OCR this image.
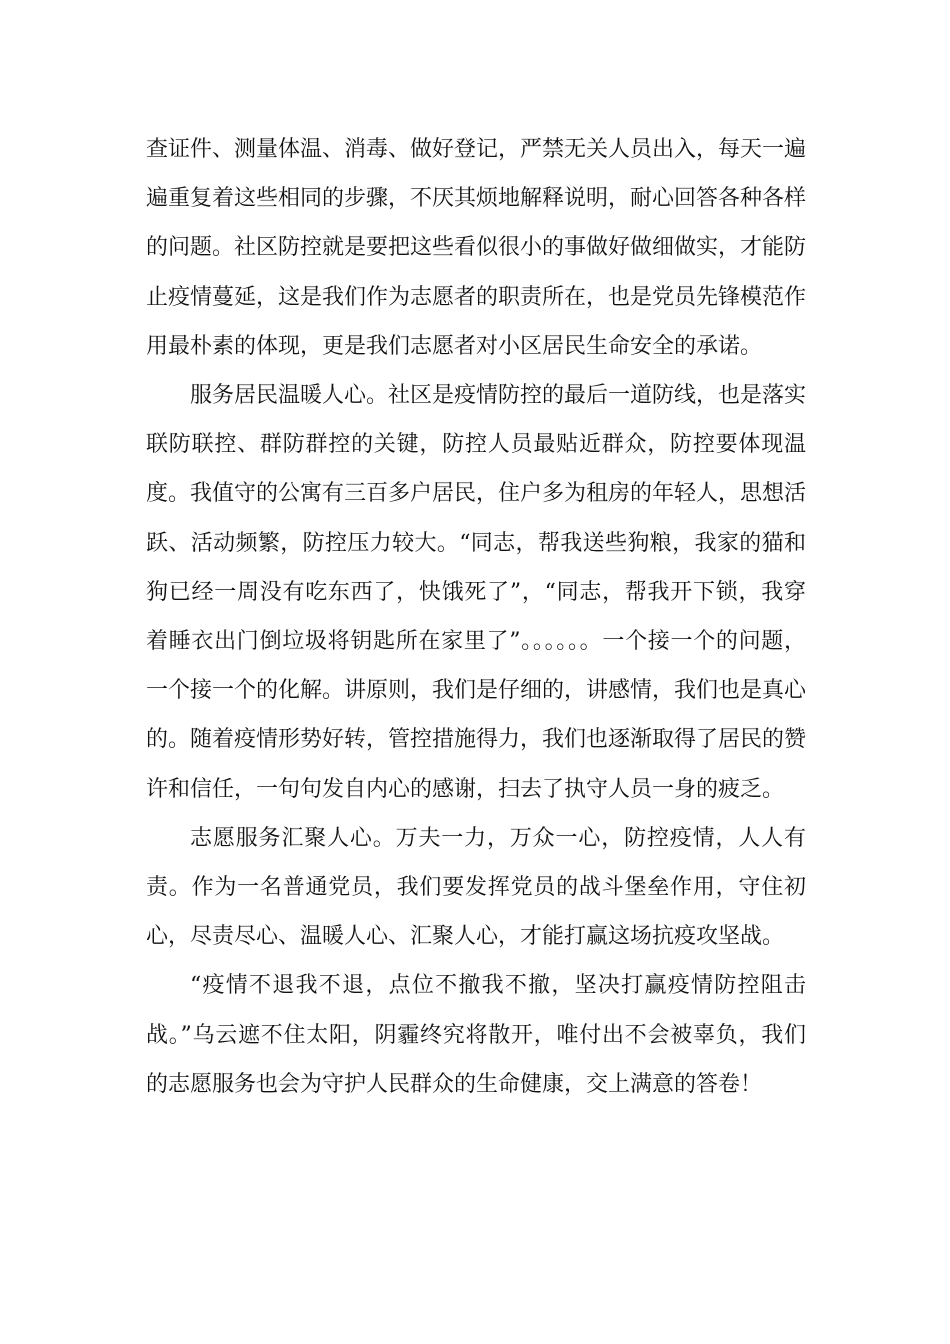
查证件、测量体温、消毒、做好登记，严禁无关人员出入，每天一遍遍重复着这些相同的步骤，不厌其烦地解释说明，耐心回答各种各样的问题。社区防控就是要把这些看似很小的事做好做细做实，才能防止疫情蔓延，这是我们作为志愿者的职责所在，也是党员先锋模范作用最朴素的体现，更是我们志愿者对小区居民生命安全的承诺。

服务居民温暖人心。社区是疫情防控的最后一道防线，也是落实联防联控、群防群控的关键，防控人员最贴近群众，防控要体现温度。我值守的公寓有三百多户居民，住户多为租房的年轻人，思想活跃、活动频繁，防控压力较大。“同志，帮我送些狗粮，我家的猫和狗已经一周没有吃东西了，快饿死了”，“同志，帮我开下锁，我穿着睡衣出门倒垃圾将钥匙所在家里了”。。。。。。一个接一个的问题，一个接一个的化解。讲原则，我们是仔细的，讲感情，我们也是真心的。随着疫情形势好转，管控措施得力，我们也逐渐取得了居民的赞许和信任，一句句发自内心的感谢，扫去了执守人员一身的疲乏。

志愿服务汇聚人心。万夫一力，万众一心，防控疫情，人人有责。作为一名普通党员，我们要发挥党员的战斗堡垒作用，守住初心，尽责尽心、温暖人心、汇聚人心，才能打赢这场抗疫攻坚战。

“疫情不退我不退，点位不撤我不撤，坚决打赢疫情防控阻击战。”乌云遮不住太阳，阴霾终究将散开，唯付出不会被辜负，我们的志愿服务也会为守护人民群众的生命健康，交上满意的答卷！
